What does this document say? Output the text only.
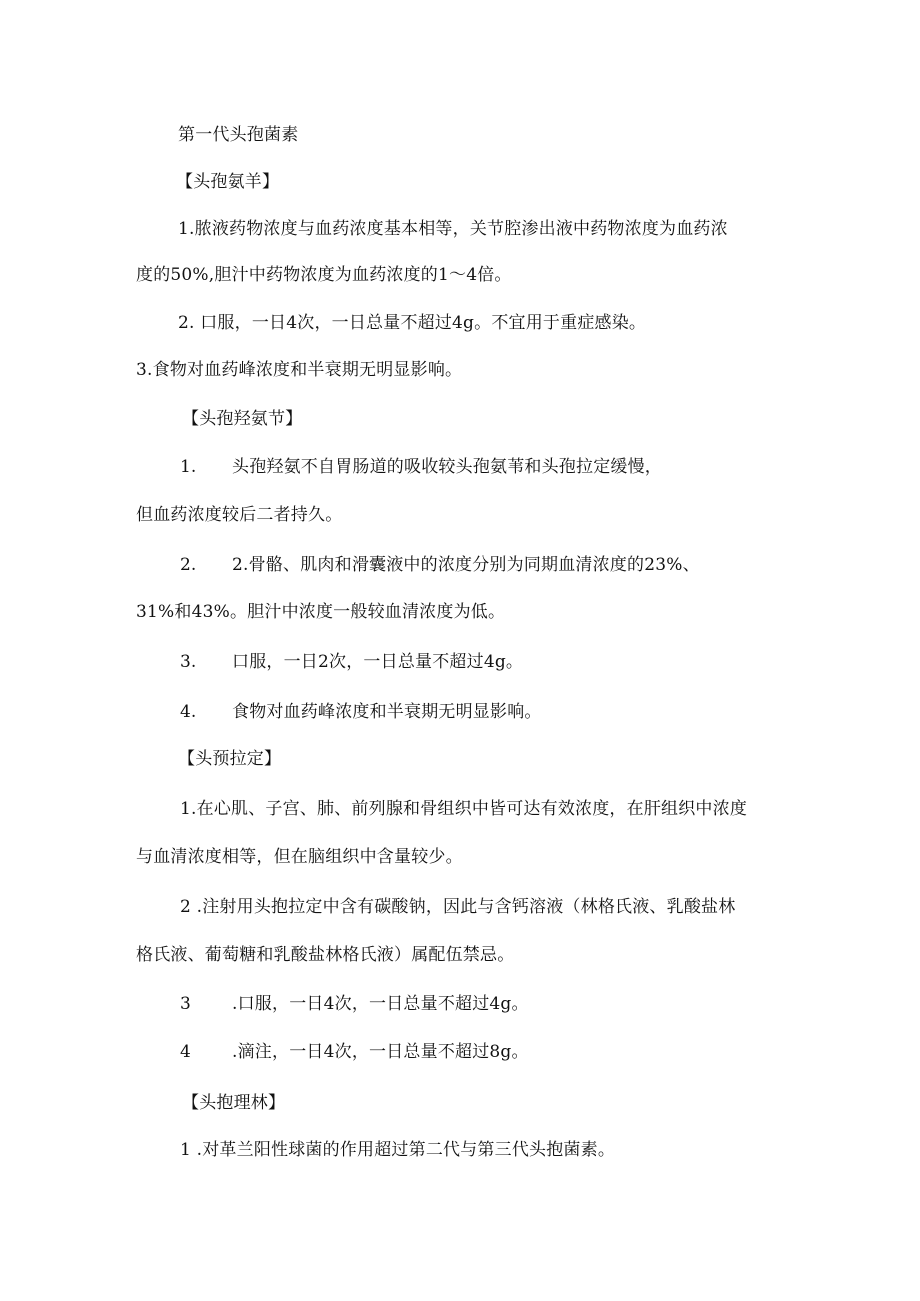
第一代头孢菌素
【头孢氨羊】
1.脓液药物浓度与血药浓度基本相等，关节腔渗出液中药物浓度为血药浓
度的50%,胆汁中药物浓度为血药浓度的1～4倍。
2. 口服，一日4次，一日总量不超过4g。不宜用于重症感染。
3.食物对血药峰浓度和半衰期无明显影响。
【头孢羟氨节】
1. 头孢羟氨不自胃肠道的吸收较头孢氨苇和头孢拉定缓慢，
但血药浓度较后二者持久。
2. 2.骨骼、肌肉和滑囊液中的浓度分别为同期血清浓度的23%、
31%和43%。胆汁中浓度一般较血清浓度为低。
3. 口服，一日2次，一日总量不超过4g。
4. 食物对血药峰浓度和半衰期无明显影响。
【头预拉定】
1.在心肌、子宫、肺、前列腺和骨组织中皆可达有效浓度，在肝组织中浓度
与血清浓度相等，但在脑组织中含量较少。
2 .注射用头抱拉定中含有碳酸钠，因此与含钙溶液（林格氏液、乳酸盐林
格氏液、葡萄糖和乳酸盐林格氏液）属配伍禁忌。
3 .口服，一日4次，一日总量不超过4g。
4 .滴注，一日4次，一日总量不超过8g。
【头抱理林】
1 .对革兰阳性球菌的作用超过第二代与第三代头抱菌素。
